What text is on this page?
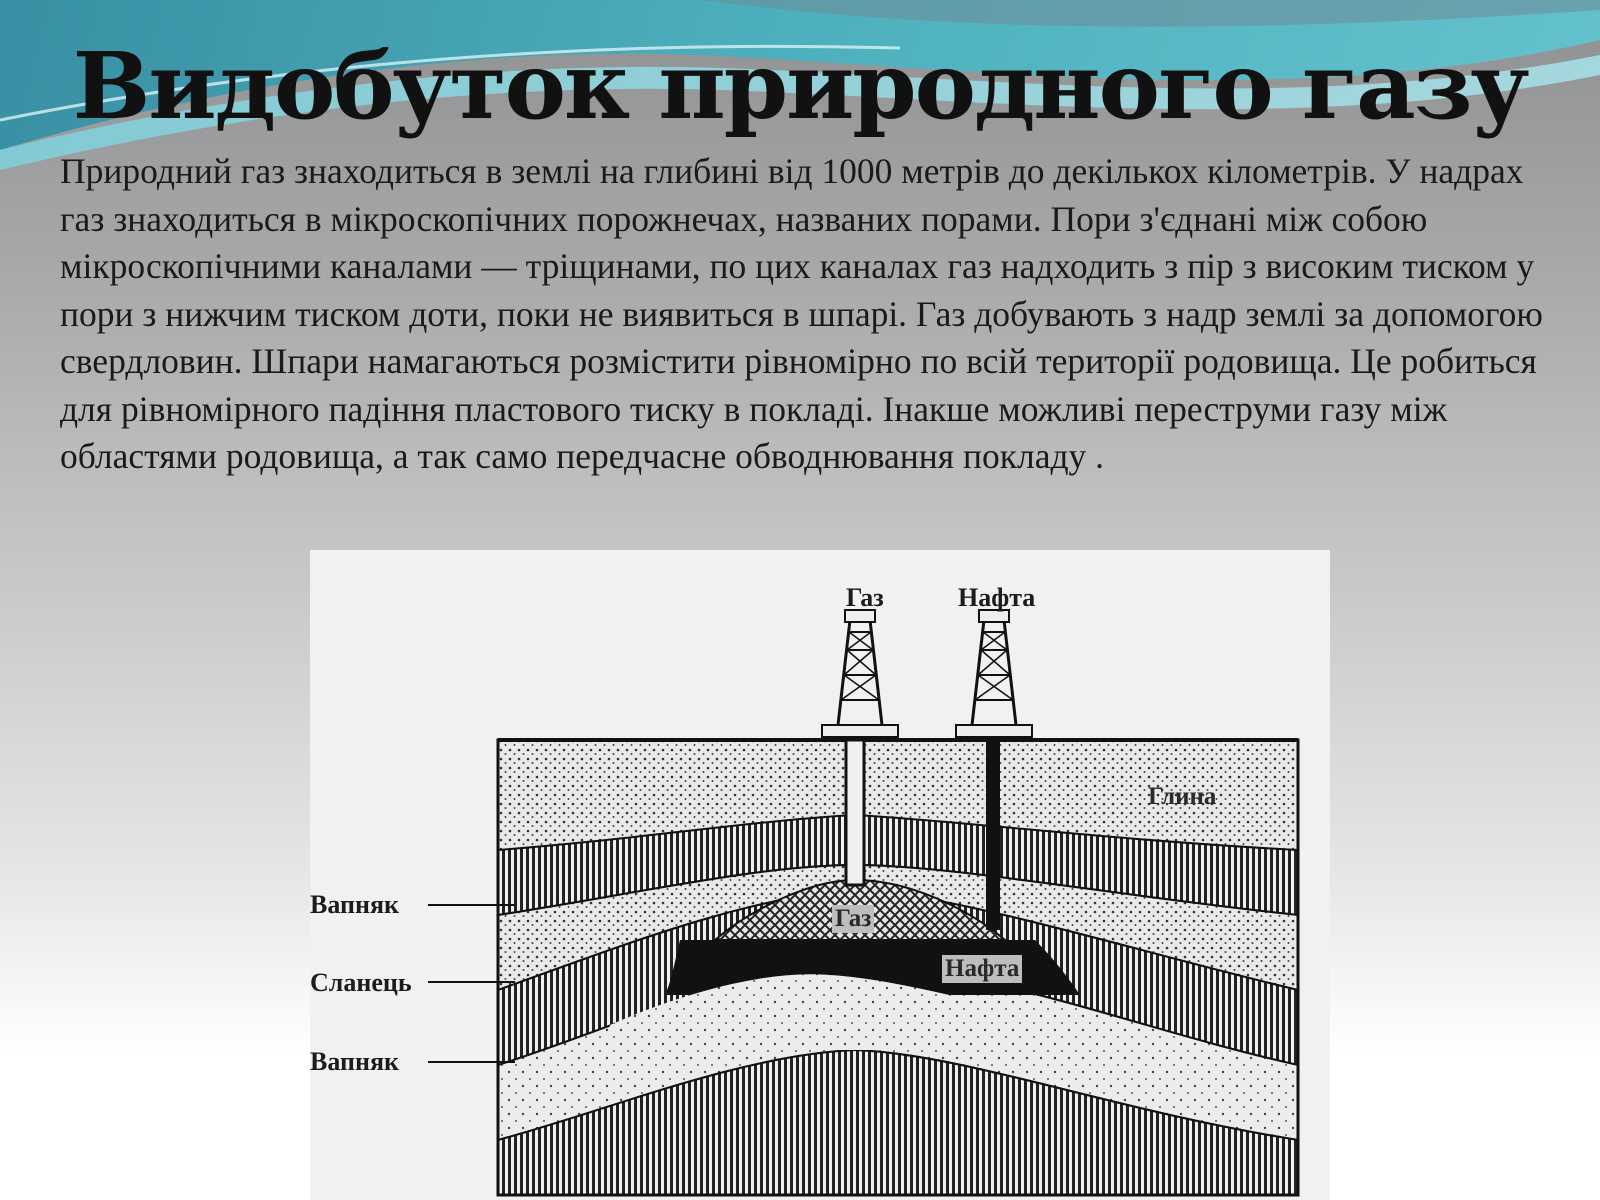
Видобуток природного газу

Природний газ знаходиться в землі на глибині від 1000 метрів до декількох кілометрів. У надрах газ знаходиться в мікроскопічних порожнечах, названих порами. Пори з'єднані між собою мікроскопічними каналами — тріщинами, по цих каналах газ надходить з пір з високим тиском у пори з нижчим тиском доти, поки не виявиться в шпарі. Газ добувають з надр землі за допомогою свердловин. Шпари намагаються розмістити рівномірно по всій території родовища. Це робиться для рівномірного падіння пластового тиску в покладі. Інакше можливі переструми газу між областями родовища, а так само передчасне обводнювання покладу .

Газ	Нафта
Глина
Газ
Нафта
Вапняк
Сланець
Вапняк
